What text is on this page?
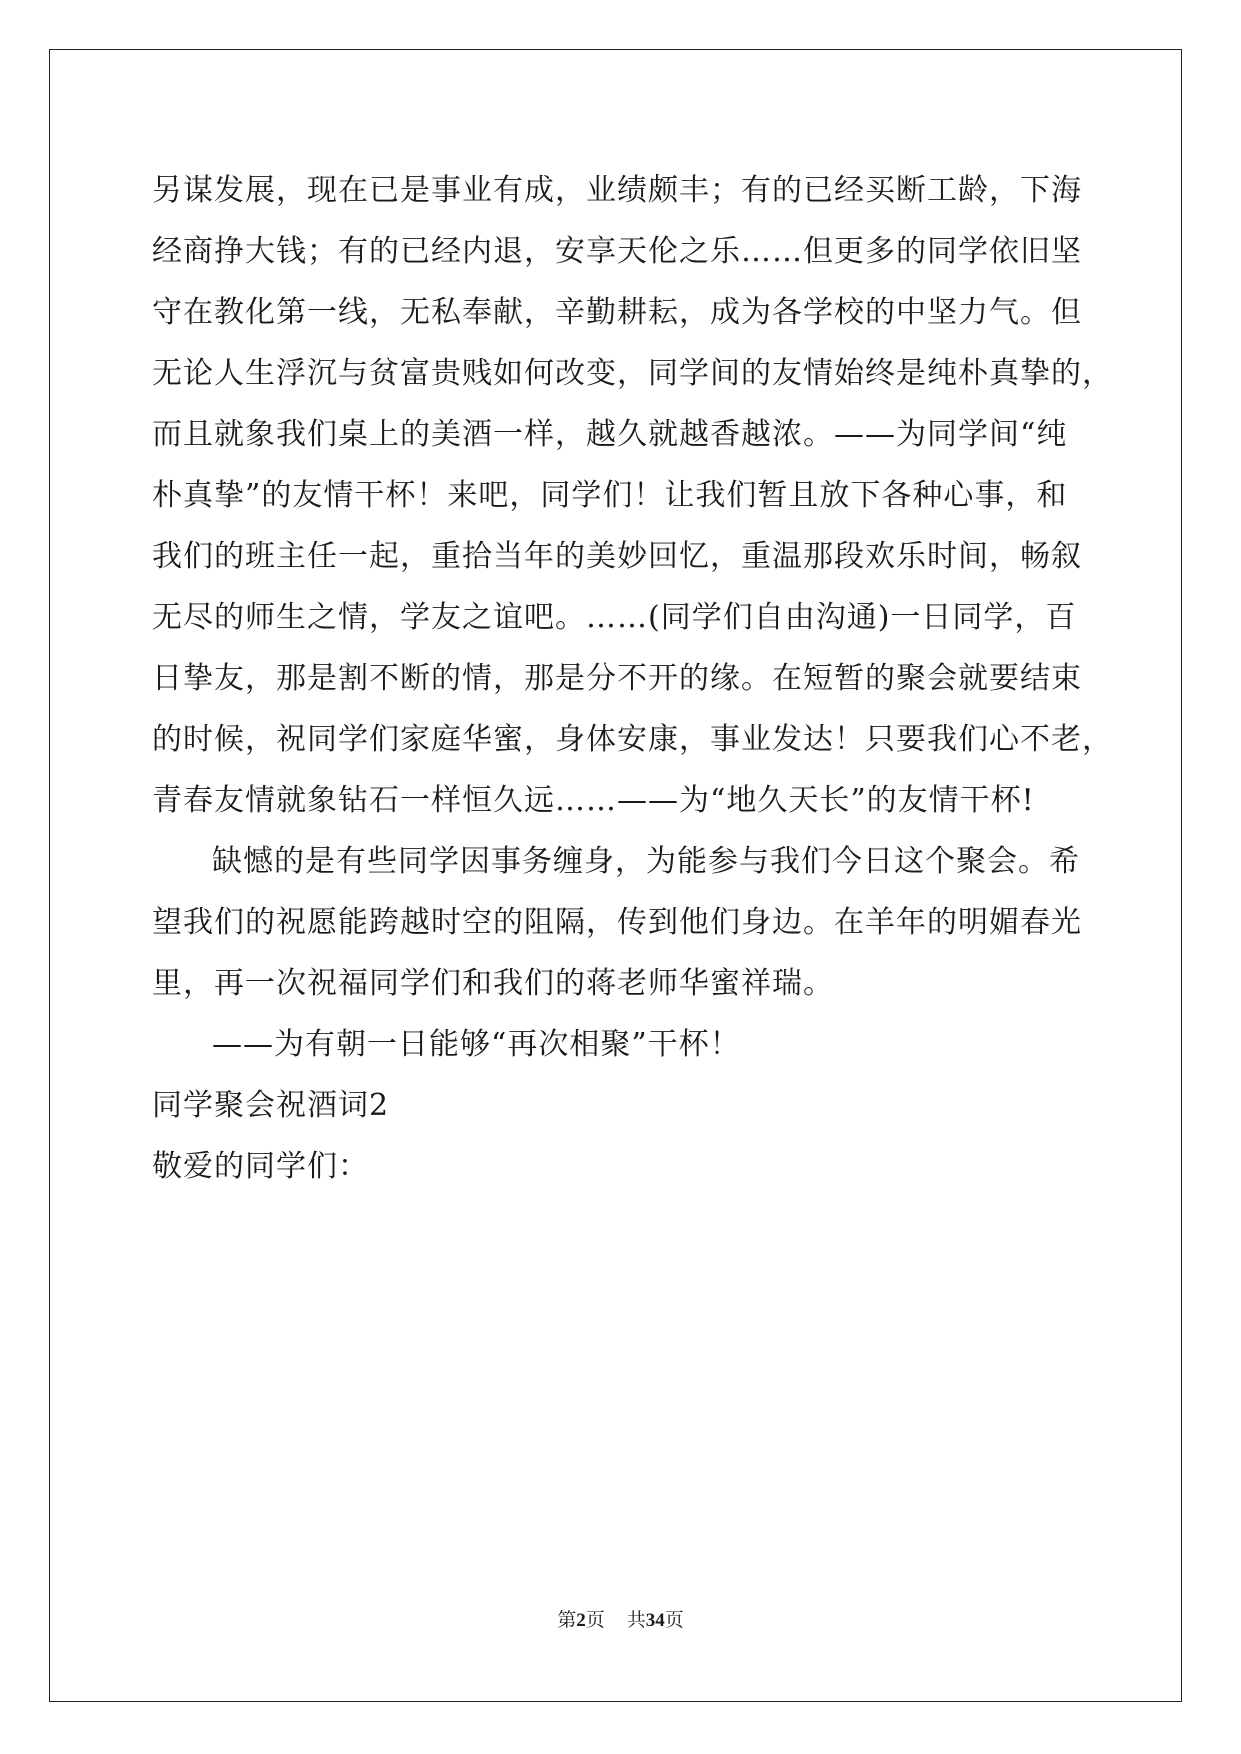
另谋发展，现在已是事业有成，业绩颇丰；有的已经买断工龄，下海
经商挣大钱；有的已经内退，安享天伦之乐……但更多的同学依旧坚
守在教化第一线，无私奉献，辛勤耕耘，成为各学校的中坚力气。但
无论人生浮沉与贫富贵贱如何改变，同学间的友情始终是纯朴真挚的，
而且就象我们桌上的美酒一样，越久就越香越浓。——为同学间“纯
朴真挚”的友情干杯！来吧，同学们！让我们暂且放下各种心事，和
我们的班主任一起，重拾当年的美妙回忆，重温那段欢乐时间，畅叙
无尽的师生之情，学友之谊吧。……(同学们自由沟通)一日同学，百
日挚友，那是割不断的情，那是分不开的缘。在短暂的聚会就要结束
的时候，祝同学们家庭华蜜，身体安康，事业发达！只要我们心不老，
青春友情就象钻石一样恒久远……——为“地久天长”的友情干杯!
缺憾的是有些同学因事务缠身，为能参与我们今日这个聚会。希
望我们的祝愿能跨越时空的阻隔，传到他们身边。在羊年的明媚春光
里，再一次祝福同学们和我们的蒋老师华蜜祥瑞。
——为有朝一日能够“再次相聚”干杯！
同学聚会祝酒词2
敬爱的同学们：
第2页 共34页
